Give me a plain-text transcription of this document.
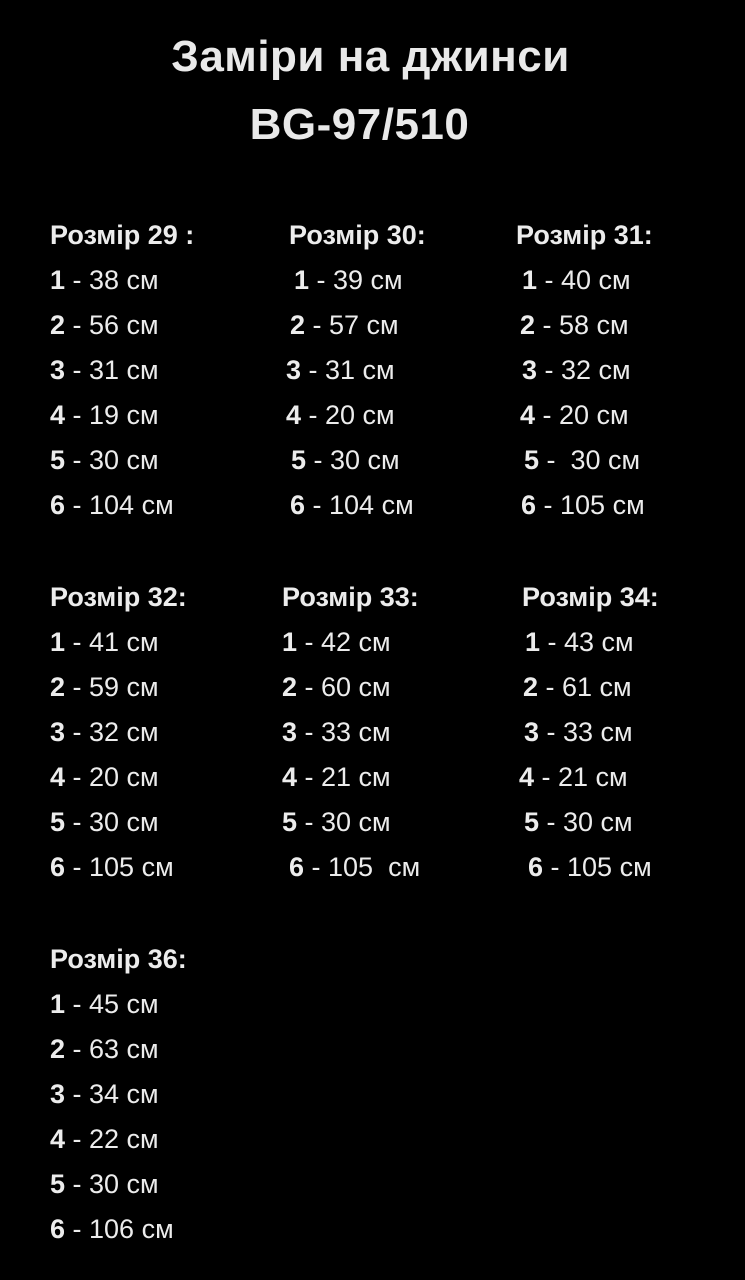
Заміри на джинси
BG-97/510
Розмір 29 :
1 - 38 см
2 - 56 см
3 - 31 см
4 - 19 см
5 - 30 см
6 - 104 см
Розмір 30:
1 - 39 см
2 - 57 см
3 - 31 см
4 - 20 см
5 - 30 см
6 - 104 см
Розмір 31:
1 - 40 см
2 - 58 см
3 - 32 см
4 - 20 см
5 -  30 см
6 - 105 см
Розмір 32:
1 - 41 см
2 - 59 см
3 - 32 см
4 - 20 см
5 - 30 см
6 - 105 см
Розмір 33:
1 - 42 см
2 - 60 см
3 - 33 см
4 - 21 см
5 - 30 см
6 - 105  см
Розмір 34:
1 - 43 см
2 - 61 см
3 - 33 см
4 - 21 см
5 - 30 см
6 - 105 см
Розмір 36:
1 - 45 см
2 - 63 см
3 - 34 см
4 - 22 см
5 - 30 см
6 - 106 см
